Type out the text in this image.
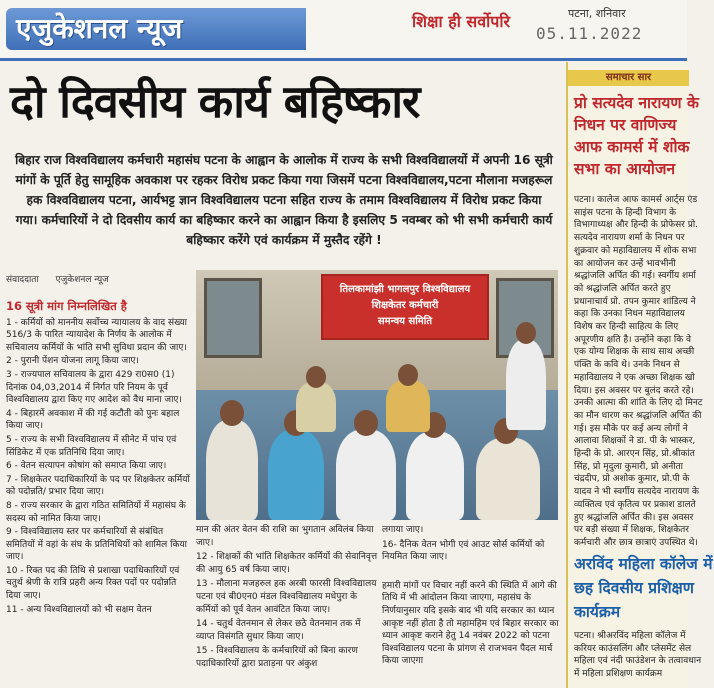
एजुकेशनल न्यूज	शिक्षा ही सर्वोपरि	पटना, शनिवार
05.11.2022
दो दिवसीय कार्य बहिष्कार
बिहार राज विश्वविद्यालय कर्मचारी महासंघ पटना के आह्वान के आलोक में राज्य के सभी विश्वविद्यालयों में अपनी 16 सूत्री मांगों के पूर्ति हेतु सामूहिक अवकाश पर रहकर विरोध प्रकट किया गया जिसमें पटना विश्वविद्यालय,पटना मौलाना मजहरूल हक विश्वविद्यालय पटना, आर्यभट्ट ज्ञान विश्वविद्यालय पटना सहित राज्य के तमाम विश्वविद्यालय में विरोध प्रकट किया गया। कर्मचारियों ने दो दिवसीय कार्य का बहिष्कार करने का आह्वान किया है इसलिए 5 नवम्बर को भी सभी कर्मचारी कार्य बहिष्कार करेंगे एवं कार्यक्रम में मुस्तैद रहेंगे !
संवाददाता एजुकेशनल न्यूज
16 सूत्री मांग निम्नलिखित है

1 - कर्मियों को माननीय सर्वोच्च न्यायालय के वाद संख्या 516/3 के पारित न्यायादेश के निर्णय के आलोक में सचिवालय कर्मियों के भांति सभी सुविधा प्रदान की जाए।

2 - पुरानी पेंशन योजना लागू किया जाए।

3 - राज्यपाल सचिवालय के द्वारा 429 रा0स0 (1) दिनांक 04,03,2014 में निर्गत परि नियम के पूर्व विश्वविद्यालय द्वारा किए गए आदेश को वैध माना जाए।

4 - बिहारमें अवकाश में की गई कटौती को पुनः बहाल किया जाए।

5 - राज्य के सभी विश्वविद्यालय में सीनेट में पांच एवं सिंडिकेट में एक प्रतिनिधि दिया जाए।

6 - वेतन सत्यापन कोषांग को समाप्त किया जाए।

7 - शिक्षकेतर पदाधिकारियों के पद पर शिक्षकेतर कर्मियों को पदोन्नति/ प्रभार दिया जाए।

8 - राज्य सरकार के द्वारा गठित समितियों में महासंघ के सदस्य को नामित किया जाए।

9 - विश्वविद्यालय स्तर पर कर्मचारियों से संबंधित समितियों में वहां के संघ के प्रतिनिधियों को शामिल किया जाए।

10 - रिक्त पद की तिथि से प्रशाखा पदाधिकारियों एवं चतुर्थ श्रेणी के रात्रि प्रहरी अन्य रिक्त पदों पर पदोन्नति दिया जाए।

11 - अन्य विश्वविद्यालयों को भी सक्षम वेतन

तिलकामांझी भागलपुर विश्वविद्यालय
शिक्षकेतर कर्मचारी
समन्वय समिति

मान की अंतर वेतन की राशि का भुगतान अविलंब किया जाए।

12 - शिक्षकों की भांति शिक्षकेतर कर्मियों की सेवानिवृत्त की आयु 65 वर्ष किया जाए।

13 - मौलाना मजहरुल हक अरबी फारसी विश्वविद्यालय पटना एवं बी0एन0 मंडल विश्वविद्यालय मधेपुरा के कर्मियों को पूर्व वेतन आवंटित किया जाए।

14 - चतुर्थ वेतनमान से लेकर छठे वेतनमान तक में व्याप्त विसंगति सुधार किया जाए।

15 - विश्वविद्यालय के कर्मचारियों को बिना कारण पदाधिकारियों द्वारा प्रताड़ना पर अंकुश

लगाया जाए।

16- दैनिक वेतन भोगी एवं आउट सोर्स कर्मियों को नियमित किया जाए।

हमारी मांगों पर विचार नहीं करने की स्थिति में आगे की तिथि में भी आंदोलन किया जाएगा, महासंघ के निर्णयानुसार यदि इसके बाद भी यदि सरकार का ध्यान आकृष्ट नहीं होता है तो महामहिम एवं बिहार सरकार का ध्यान आकृष्ट कराने हेतु 14 नवंबर 2022 को पटना विश्वविद्यालय पटना के प्रांगण से राजभवन पैदल मार्च किया जाएगा

समाचार सार
प्रो सत्यदेव नारायण के निधन पर वाणिज्य आफ कामर्स में शोक सभा का आयोजन
पटना। कालेज आफ कामर्स आर्ट्स एंड साइंस पटना के हिन्दी विभाग के विभागाध्यक्ष और हिन्दी के प्रोफेसर प्रो. सत्यदेव नारायण शर्मा के निधन पर शुक्रवार को महाविद्यालय में शोक सभा का आयोजन कर उन्हें भावभीनी श्रद्धांजलि अर्पित की गई। स्वर्गीय शर्मा को श्रद्धांजलि अर्पित करते हुए प्रधानाचार्य प्रो. तपन कुमार शांडिल्य ने कहा कि उनका निधन महाविद्यालय विशेष कर हिन्दी साहित्य के लिए अपूरणीय क्षति है। उन्होंने कहा कि वे एक योग्य शिक्षक के साथ साथ अच्छी पंक्ति के कवि थे। उनके निधन से महाविद्यालय ने एक अच्छा शिक्षक खो दिया। इस अवसर पर बुलंद करते रहे। उनकी आत्मा की शांति के लिए दो मिनट का मौन धारण कर श्रद्धांजलि अर्पित की गई। इस मौके पर कई अन्य लोगों ने आलावा शिक्षकों ने डा. पी के भास्कर, हिन्दी के प्रो. आरएन सिंह, प्रो.श्रीकांत सिंह, प्रो मृदुला कुमारी, प्रो अनीता चंद्रदीप, प्रो अशोक कुमार, प्रो.पी के यादव ने भी स्वर्गीय सत्यदेव नारायण के व्यक्तित्व एवं कृतित्व पर प्रकाश डालते हुए श्रद्धांजलि अर्पित की। इस अवसर पर बड़ी संख्या में शिक्षक, शिक्षकेतर कर्मचारी और छात्र छात्राएं उपस्थित थे।
अरविंद महिला कॉलेज में छह दिवसीय प्रशिक्षण कार्यक्रम
पटना। श्रीअरविंद महिला कॉलेज में करियर काउंसलिंग और प्लेसमेंट सेल महिला एवं नंदी फाउंडेशन के तत्वावधान में महिला प्रशिक्षण कार्यक्रम
